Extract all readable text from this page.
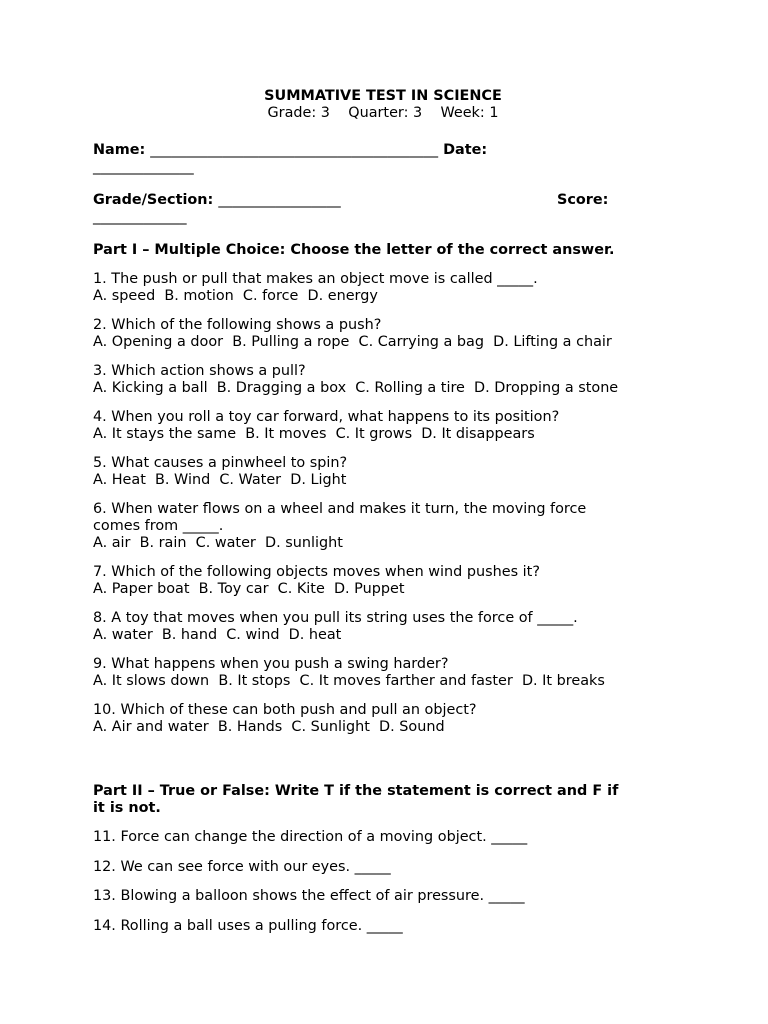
SUMMATIVE TEST IN SCIENCE

Grade: 3    Quarter: 3    Week: 1

Name: ________________________________________ Date:
______________
Grade/Section: _________________	Score:
_____________

Part I – Multiple Choice: Choose the letter of the correct answer.

1. The push or pull that makes an object move is called _____.
A. speed  B. motion  C. force  D. energy
2. Which of the following shows a push?
A. Opening a door  B. Pulling a rope  C. Carrying a bag  D. Lifting a chair
3. Which action shows a pull?
A. Kicking a ball  B. Dragging a box  C. Rolling a tire  D. Dropping a stone
4. When you roll a toy car forward, what happens to its position?
A. It stays the same  B. It moves  C. It grows  D. It disappears
5. What causes a pinwheel to spin?
A. Heat  B. Wind  C. Water  D. Light
6. When water flows on a wheel and makes it turn, the moving force
comes from _____.
A. air  B. rain  C. water  D. sunlight
7. Which of the following objects moves when wind pushes it?
A. Paper boat  B. Toy car  C. Kite  D. Puppet
8. A toy that moves when you pull its string uses the force of _____.
A. water  B. hand  C. wind  D. heat
9. What happens when you push a swing harder?
A. It slows down  B. It stops  C. It moves farther and faster  D. It breaks
10. Which of these can both push and pull an object?
A. Air and water  B. Hands  C. Sunlight  D. Sound
Part II – True or False: Write T if the statement is correct and F if
it is not.
11. Force can change the direction of a moving object. _____
12. We can see force with our eyes. _____
13. Blowing a balloon shows the effect of air pressure. _____
14. Rolling a ball uses a pulling force. _____
